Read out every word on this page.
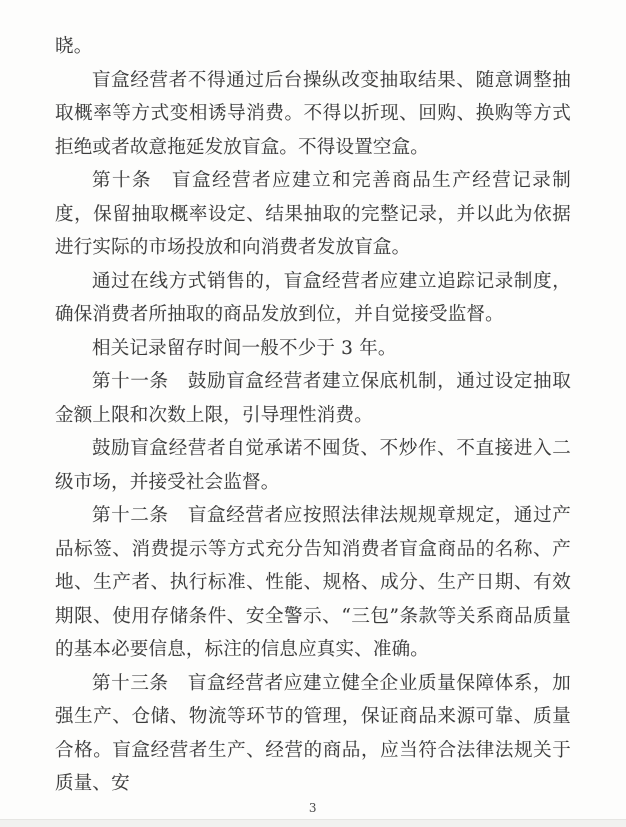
晓。

盲盒经营者不得通过后台操纵改变抽取结果、随意调整抽取概率等方式变相诱导消费。不得以折现、回购、换购等方式拒绝或者故意拖延发放盲盒。不得设置空盒。

第十条　盲盒经营者应建立和完善商品生产经营记录制度，保留抽取概率设定、结果抽取的完整记录，并以此为依据进行实际的市场投放和向消费者发放盲盒。

通过在线方式销售的，盲盒经营者应建立追踪记录制度，确保消费者所抽取的商品发放到位，并自觉接受监督。

相关记录留存时间一般不少于 3 年。

第十一条　鼓励盲盒经营者建立保底机制，通过设定抽取金额上限和次数上限，引导理性消费。

鼓励盲盒经营者自觉承诺不囤货、不炒作、不直接进入二级市场，并接受社会监督。

第十二条　盲盒经营者应按照法律法规规章规定，通过产品标签、消费提示等方式充分告知消费者盲盒商品的名称、产地、生产者、执行标准、性能、规格、成分、生产日期、有效期限、使用存储条件、安全警示、“三包”条款等关系商品质量的基本必要信息，标注的信息应真实、准确。

第十三条　盲盒经营者应建立健全企业质量保障体系，加强生产、仓储、物流等环节的管理，保证商品来源可靠、质量合格。盲盒经营者生产、经营的商品，应当符合法律法规关于质量、安

3
